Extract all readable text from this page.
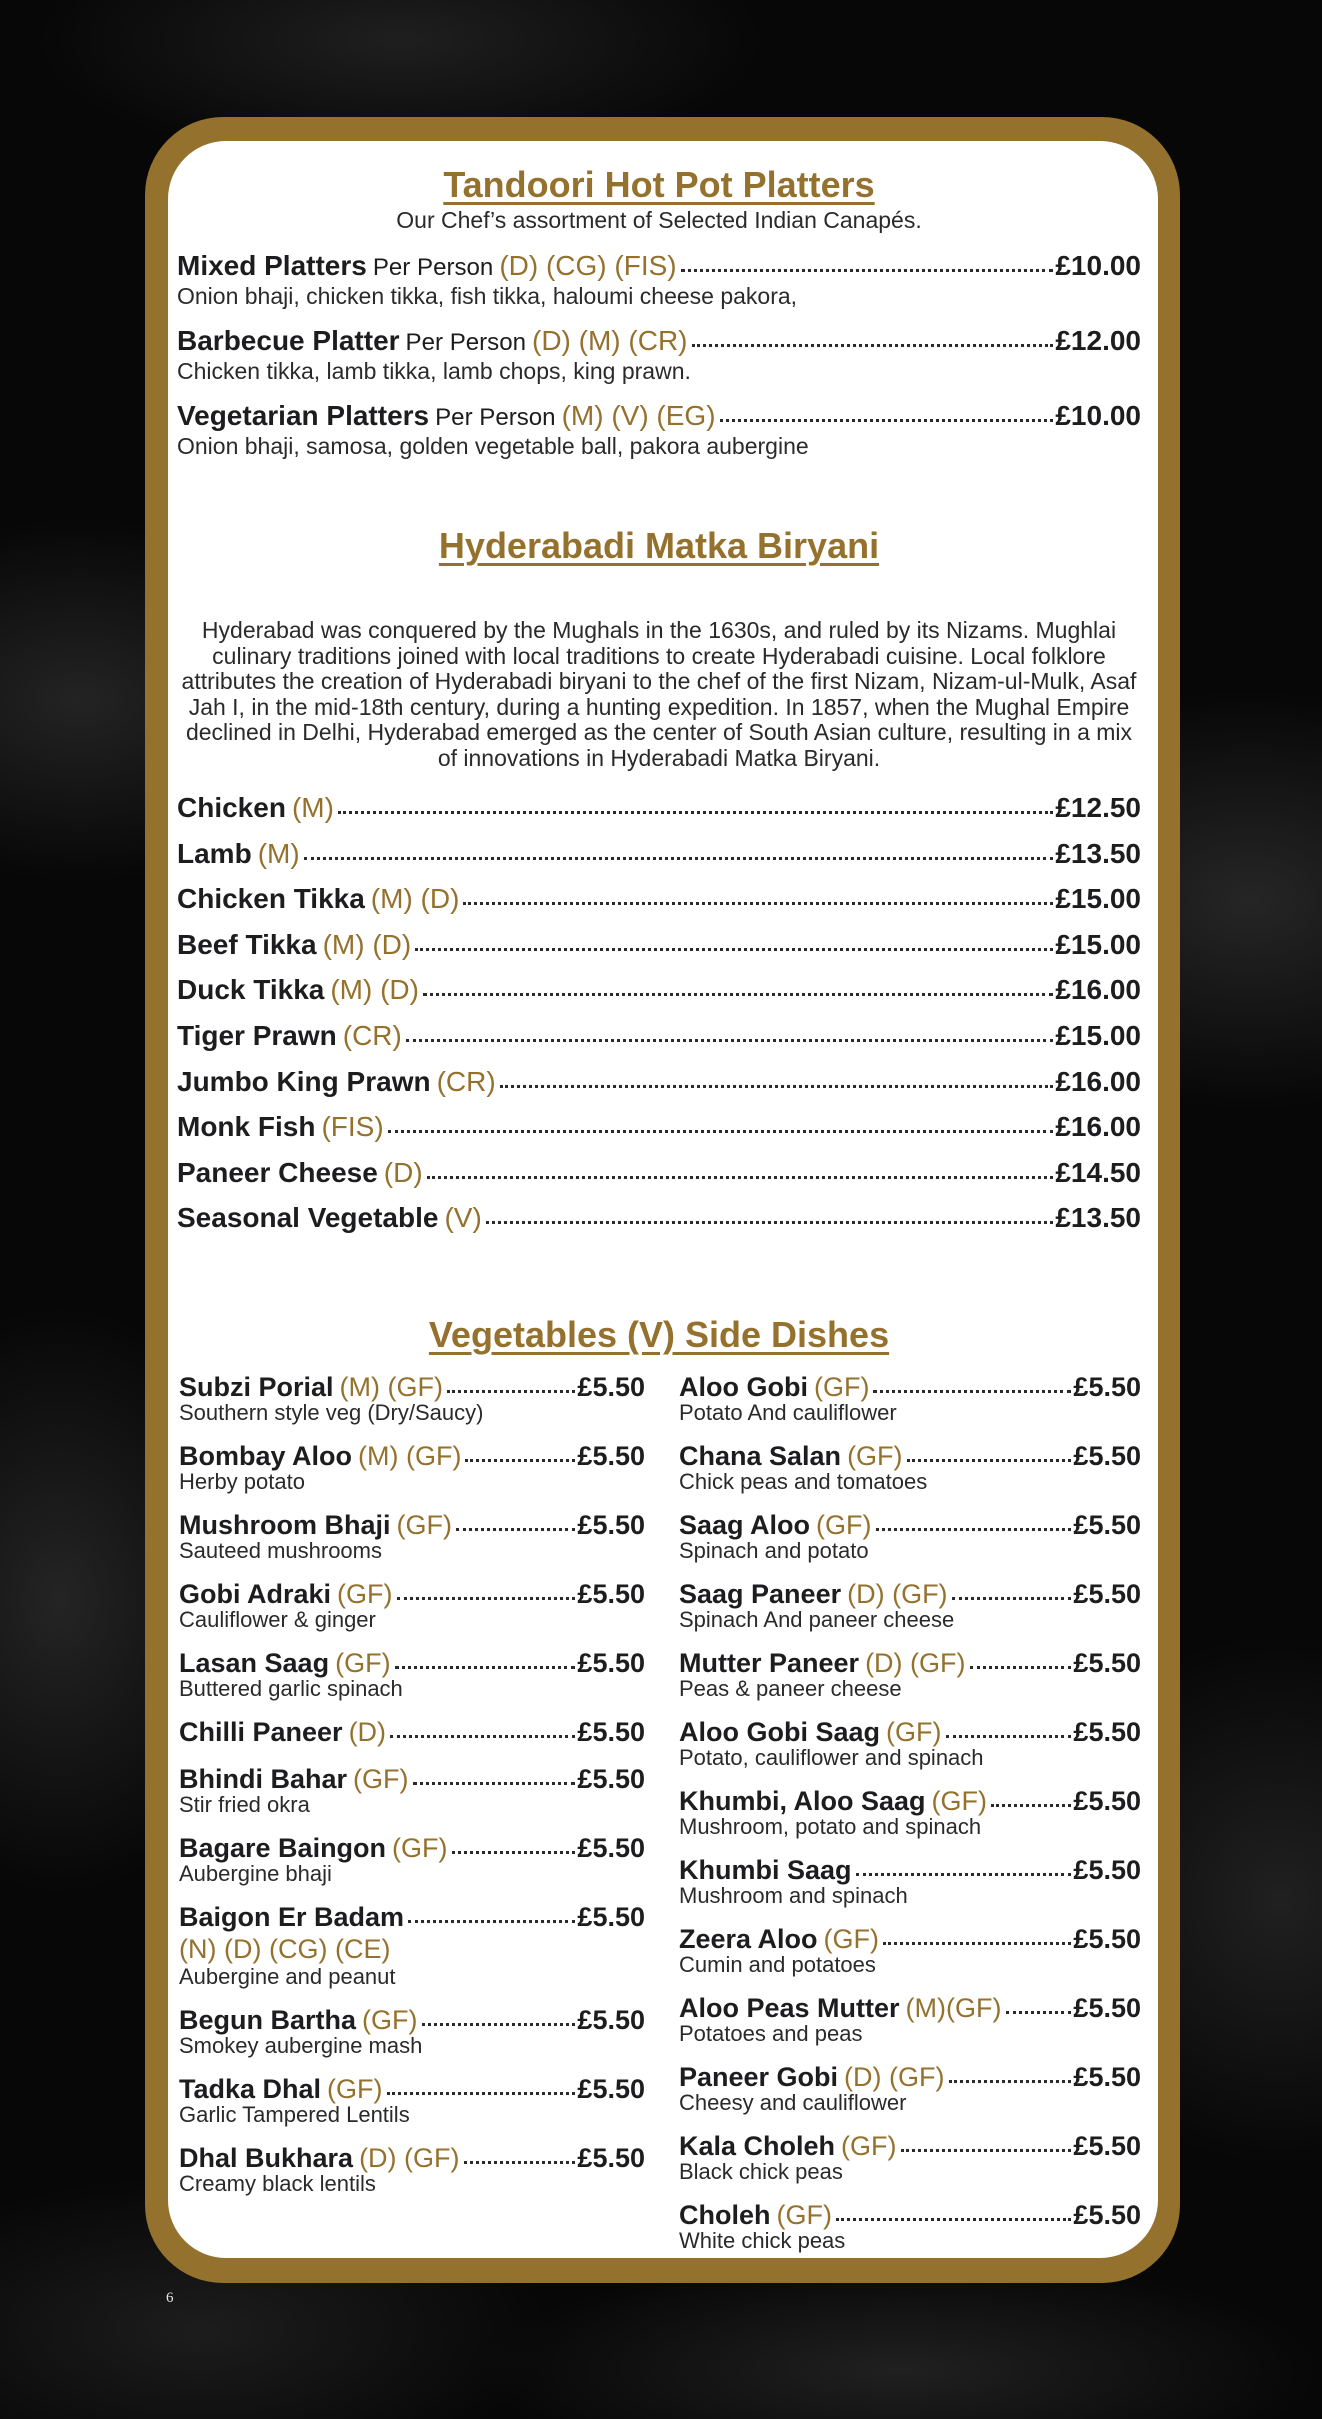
Tandoori Hot Pot Platters
Our Chef’s assortment of Selected Indian Canapés.
Mixed Platters Per Person (D) (CG) (FIS)	£10.00
Onion bhaji, chicken tikka, fish tikka, haloumi cheese pakora,
Barbecue Platter Per Person (D) (M) (CR)	£12.00
Chicken tikka, lamb tikka, lamb chops, king prawn.
Vegetarian Platters Per Person (M) (V) (EG)	£10.00
Onion bhaji, samosa, golden vegetable ball, pakora aubergine
Hyderabadi Matka Biryani

Hyderabad was conquered by the Mughals in the 1630s, and ruled by its Nizams. Mughlai culinary traditions joined with local traditions to create Hyderabadi cuisine. Local folklore attributes the creation of Hyderabadi biryani to the chef of the first Nizam, Nizam-ul-Mulk, Asaf Jah I, in the mid-18th century, during a hunting expedition. In 1857, when the Mughal Empire declined in Delhi, Hyderabad emerged as the center of South Asian culture, resulting in a mix of innovations in Hyderabadi Matka Biryani.

Chicken (M)	£12.50
Lamb (M)	£13.50
Chicken Tikka (M) (D)	£15.00
Beef Tikka (M) (D)	£15.00
Duck Tikka (M) (D)	£16.00
Tiger Prawn (CR)	£15.00
Jumbo King Prawn (CR)	£16.00
Monk Fish (FIS)	£16.00
Paneer Cheese (D)	£14.50
Seasonal Vegetable (V)	£13.50
Vegetables (V) Side Dishes
Subzi Porial (M) (GF)	£5.50
Southern style veg (Dry/Saucy)
Bombay Aloo (M) (GF)	£5.50
Herby potato
Mushroom Bhaji (GF)	£5.50
Sauteed mushrooms
Gobi Adraki (GF)	£5.50
Cauliflower & ginger
Lasan Saag (GF)	£5.50
Buttered garlic spinach
Chilli Paneer (D)	£5.50
Bhindi Bahar (GF)	£5.50
Stir fried okra
Bagare Baingon (GF)	£5.50
Aubergine bhaji
Baigon Er Badam	£5.50
(N) (D) (CG) (CE)
Aubergine and peanut
Begun Bartha (GF)	£5.50
Smokey aubergine mash
Tadka Dhal (GF)	£5.50
Garlic Tampered Lentils
Dhal Bukhara (D) (GF)	£5.50
Creamy black lentils
Aloo Gobi (GF)	£5.50
Potato And cauliflower
Chana Salan (GF)	£5.50
Chick peas and tomatoes
Saag Aloo (GF)	£5.50
Spinach and potato
Saag Paneer (D) (GF)	£5.50
Spinach And paneer cheese
Mutter Paneer (D) (GF)	£5.50
Peas & paneer cheese
Aloo Gobi Saag (GF)	£5.50
Potato, cauliflower and spinach
Khumbi, Aloo Saag (GF)	£5.50
Mushroom, potato and spinach
Khumbi Saag	£5.50
Mushroom and spinach
Zeera Aloo (GF)	£5.50
Cumin and potatoes
Aloo Peas Mutter (M)(GF)	£5.50
Potatoes and peas
Paneer Gobi (D) (GF)	£5.50
Cheesy and cauliflower
Kala Choleh (GF)	£5.50
Black chick peas
Choleh (GF)	£5.50
White chick peas
6
